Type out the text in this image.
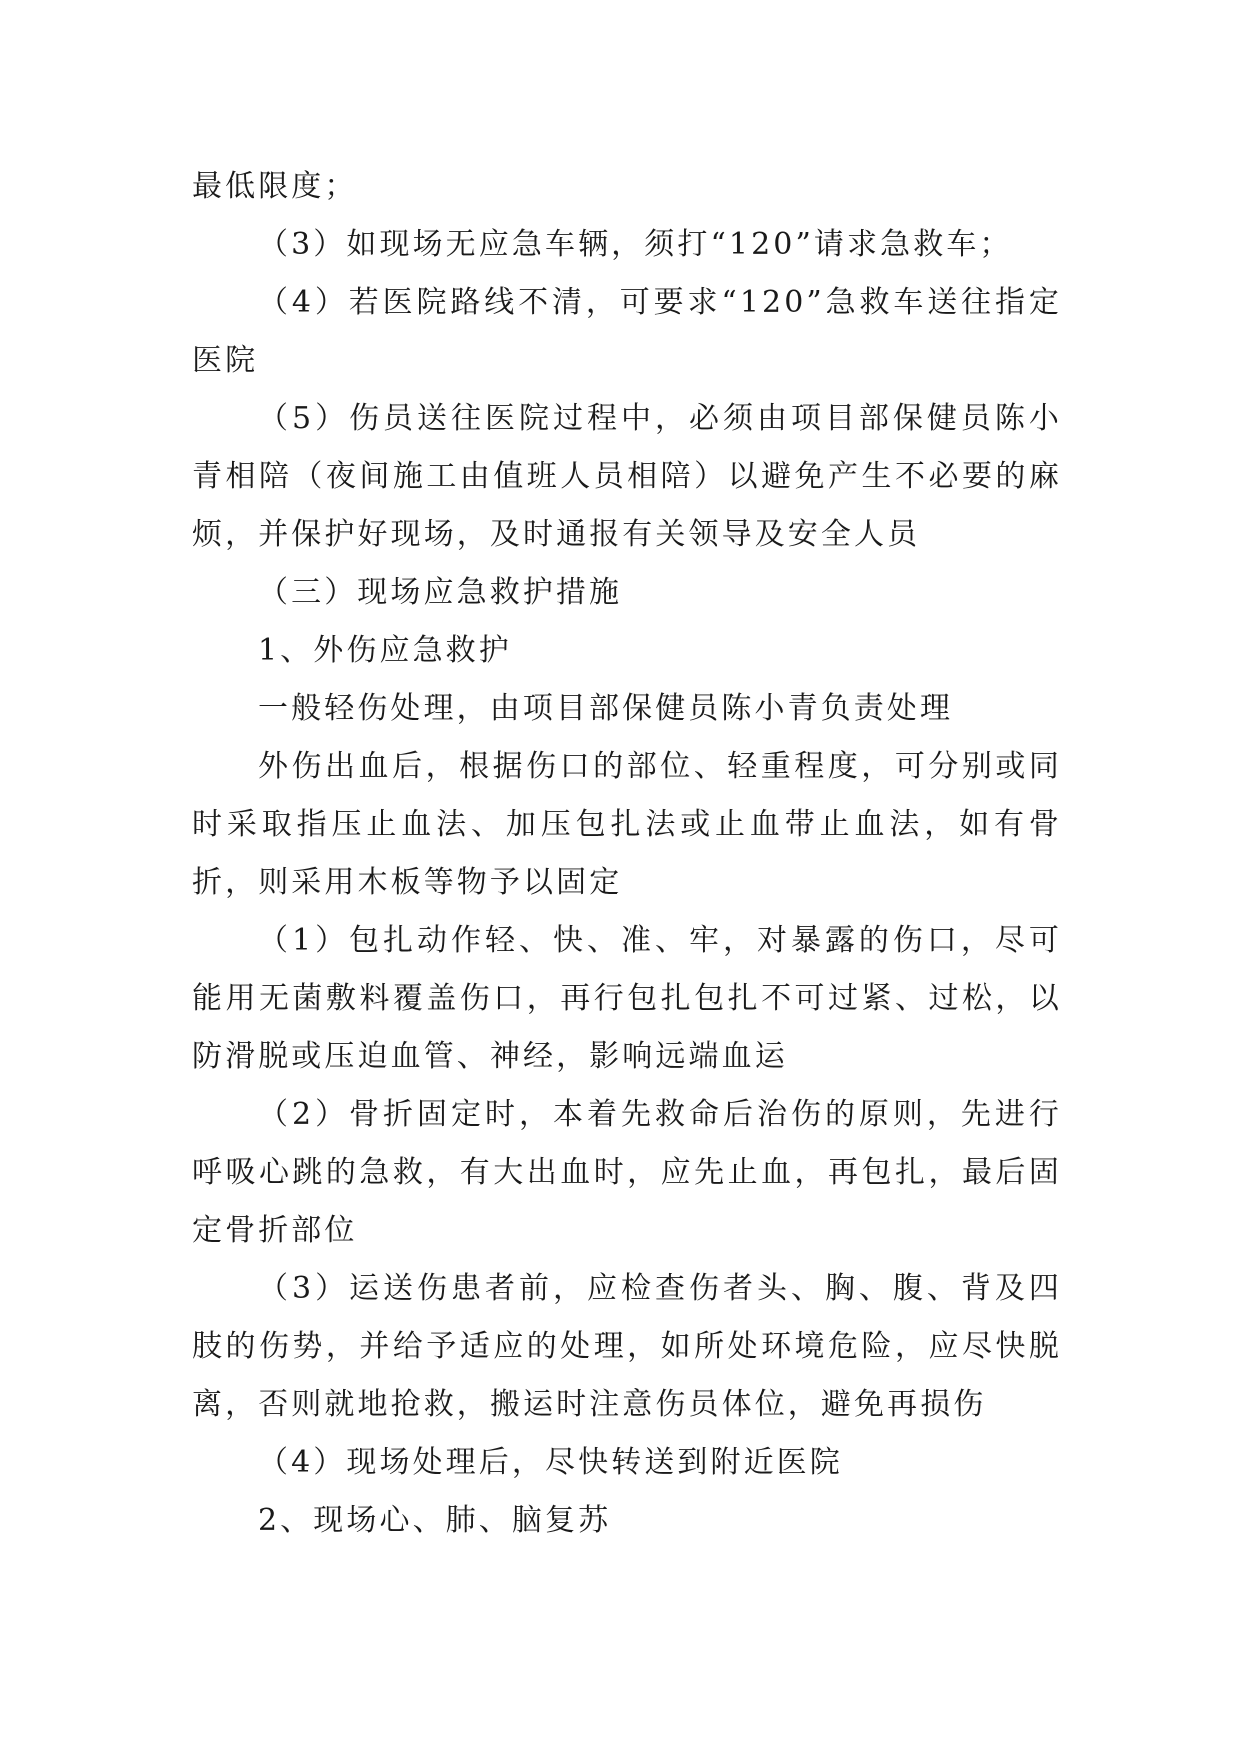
最低限度；

（3）如现场无应急车辆，须打“120”请求急救车；

（4）若医院路线不清，可要求“120”急救车送往指定医院

（5）伤员送往医院过程中，必须由项目部保健员陈小青相陪（夜间施工由值班人员相陪）以避免产生不必要的麻烦，并保护好现场，及时通报有关领导及安全人员

（三）现场应急救护措施

1、外伤应急救护

一般轻伤处理，由项目部保健员陈小青负责处理

外伤出血后，根据伤口的部位、轻重程度，可分别或同时采取指压止血法、加压包扎法或止血带止血法，如有骨折，则采用木板等物予以固定

（1）包扎动作轻、快、准、牢，对暴露的伤口，尽可能用无菌敷料覆盖伤口，再行包扎包扎不可过紧、过松，以防滑脱或压迫血管、神经，影响远端血运

（2）骨折固定时，本着先救命后治伤的原则，先进行呼吸心跳的急救，有大出血时，应先止血，再包扎，最后固定骨折部位

（3）运送伤患者前，应检查伤者头、胸、腹、背及四肢的伤势，并给予适应的处理，如所处环境危险，应尽快脱离，否则就地抢救，搬运时注意伤员体位，避免再损伤

（4）现场处理后，尽快转送到附近医院

2、现场心、肺、脑复苏
